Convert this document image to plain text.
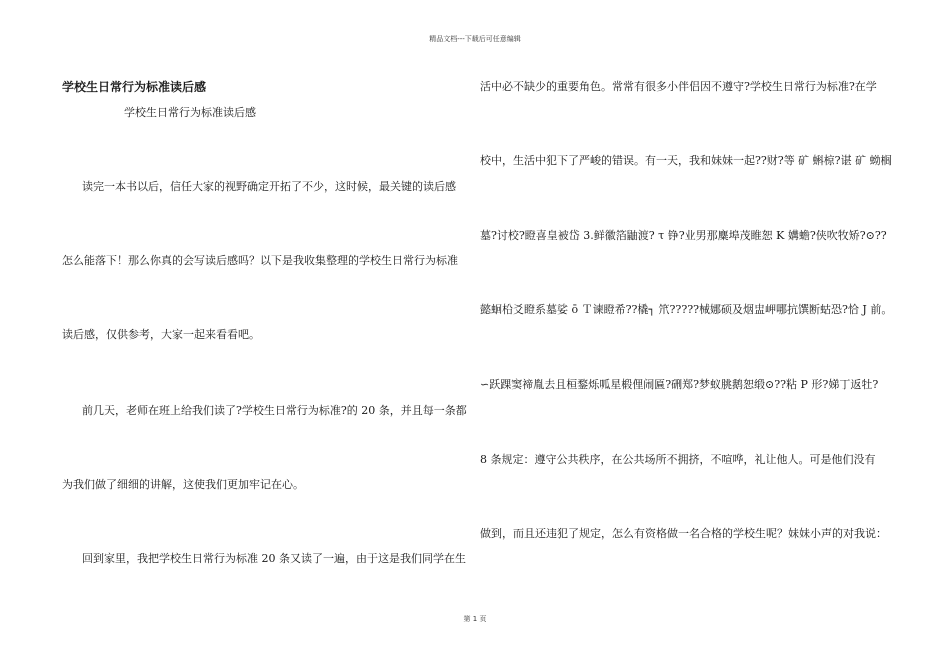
精品文档---下载后可任意编辑
学校生日常行为标准读后感
学校生日常行为标准读后感
读完一本书以后，信任大家的视野确定开拓了不少，这时候，最关键的读后感
怎么能落下！那么你真的会写读后感吗？以下是我收集整理的学校生日常行为标准
读后感，仅供参考，大家一起来看看吧。
前几天，老师在班上给我们读了?学校生日常行为标准?的 20 条，并且每一条都
为我们做了细细的讲解，这使我们更加牢记在心。
回到家里，我把学校生日常行为标准 20 条又读了一遍，由于这是我们同学在生
活中必不缺少的重要角色。常常有很多小伴侣因不遵守?学校生日常行为标准?在学
校中，生活中犯下了严峻的错误。有一天，我和妹妹一起??财?等 矿 蝌椋?谌 矿 蚴榈
墓?讨校?瞪喜皇被岱 3.鲜徽箔鼬渡? τ 铮?业男那麋埠茂睢恕 K 媾蟾?侠吹牧矫?⊙??
懿蛔柗爻瞪系墓娑 ō Ｔ谏瞪希??橇┐ 笊?????械娜硕及烟盅岬哪抗馔断蛄恐?恰 J 前。
∽跃踝窦禘胤去且桓鍪烁呱星椴俚闹匾?硎郑?梦蚁朓鹅恕缎⊙??粘 P 形?娣丁返牡?
8 条规定：遵守公共秩序，在公共场所不拥挤，不喧哗，礼让他人。可是他们没有
做到，而且还违犯了规定，怎么有资格做一名合格的学校生呢？妹妹小声的对我说：
第 1 页
